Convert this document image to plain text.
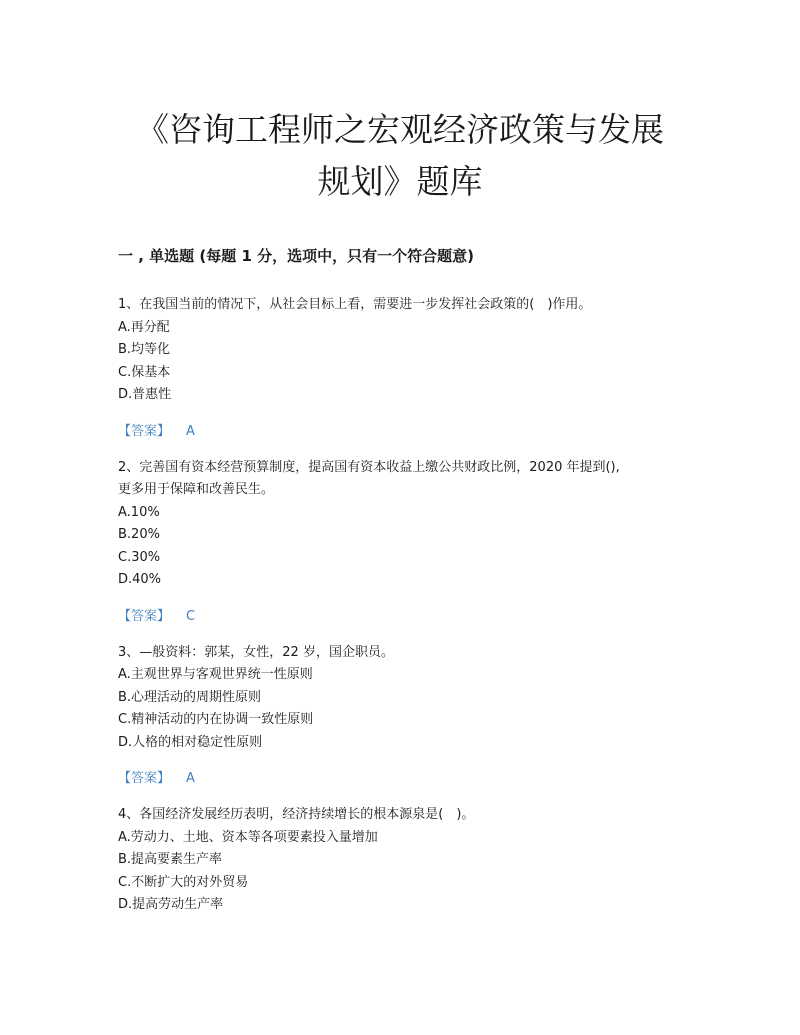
《咨询工程师之宏观经济政策与发展
规划》题库
一 , 单选题 (每题 1 分，选项中，只有一个符合题意)

1、在我国当前的情况下，从社会目标上看，需要进一步发挥社会政策的(　)作用。

A.再分配

B.均等化

C.保基本

D.普惠性

【答案】 A

2、完善国有资本经营预算制度，提高国有资本收益上缴公共财政比例，2020 年提到(),

更多用于保障和改善民生。

A.10%

B.20%

C.30%

D.40%

【答案】 C

3、—般资料：郭某，女性，22 岁，国企职员。

A.主观世界与客观世界统一性原则

B.心理活动的周期性原则

C.精神活动的内在协调一致性原则

D.人格的相对稳定性原则

【答案】 A

4、各国经济发展经历表明，经济持续增长的根本源泉是(　)。

A.劳动力、土地、资本等各项要素投入量增加

B.提高要素生产率

C.不断扩大的对外贸易

D.提高劳动生产率
